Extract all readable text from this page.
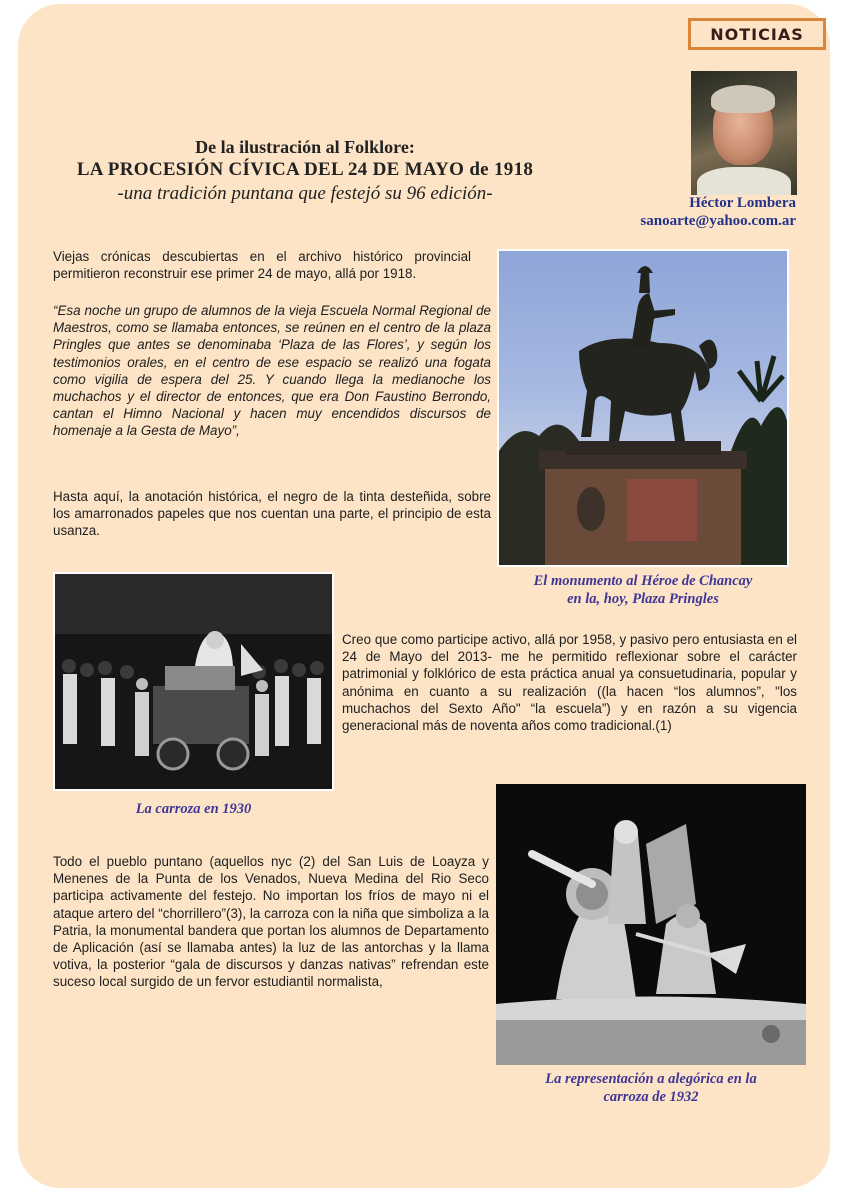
NOTICIAS
De la ilustración al Folklore:
LA PROCESIÓN CÍVICA DEL 24 DE MAYO de 1918
-una tradición puntana que festejó su 96 edición-	Héctor Lombera
sanoarte@yahoo.com.ar

Viejas crónicas descubiertas en el archivo histórico provincial permitieron reconstruir ese primer 24 de mayo, allá por 1918.

“Esa noche un grupo de alumnos de la vieja Escuela Normal Regional de Maestros, como se llamaba entonces, se reúnen en el centro de la plaza Pringles que antes se denominaba ‘Plaza de las Flores’, y según los testimonios orales, en el centro de ese espacio se realizó una fogata como vigilia de espera del 25. Y cuando llega la medianoche los muchachos y el director de entonces, que era Don Faustino Berrondo, cantan el Himno Nacional y hacen muy encendidos discursos de homenaje a la Gesta de Mayo”,

Hasta aquí, la anotación histórica, el negro de la tinta desteñida, sobre los amarronados papeles que nos cuentan una parte, el principio de esta usanza.

El monumento al Héroe de Chancay
en la, hoy, Plaza Pringles
La carroza en 1930

Creo que como participe activo, allá por 1958, y pasivo pero entusiasta en el 24 de Mayo del 2013- me he permitido reflexionar sobre el carácter patrimonial y folklórico de esta práctica anual ya consuetudinaria, popular y anónima en cuanto a su realización ((la hacen “los alumnos”, "los muchachos del Sexto Año" “la escuela”) y en razón a su vigencia generacional más de noventa años como tradicional.(1)

Todo el pueblo puntano (aquellos nyc (2) del San Luis de Loayza y Menenes de la Punta de los Venados, Nueva Medina del Rio Seco participa activamente del festejo. No importan los fríos de mayo ni el ataque artero del “chorrillero”(3), la carroza con la niña que simboliza a la Patria, la monumental bandera que portan los alumnos de Departamento de Aplicación (así se llamaba antes) la luz de las antorchas y la llama votiva, la posterior “gala de discursos y danzas nativas” refrendan este suceso local surgido de un fervor estudiantil normalista,

La representación a alegórica en la
carroza de 1932
